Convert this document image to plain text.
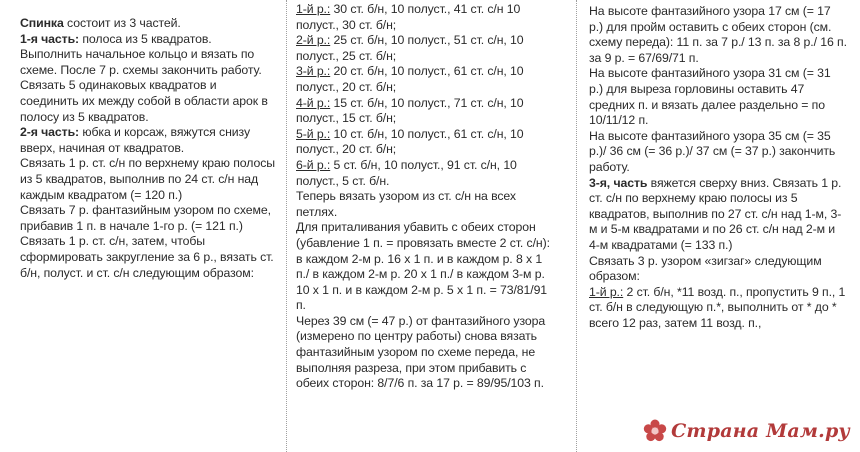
Спинка состоит из 3 частей.

1-я часть: полоса из 5 квадратов. Выполнить начальное кольцо и вязать по схеме. После 7 р. схемы закончить работу.

Связать 5 одинаковых квадратов и соединить их между собой в области арок в полосу из 5 квадратов.

2-я часть: юбка и корсаж, вяжутся снизу вверх, начиная от квадратов.

Связать 1 р. ст. с/н по верхнему краю полосы из 5 квадратов, выполнив по 24 ст. с/н над каждым квадратом (= 120 п.)

Связать 7 р. фантазийным узором по схеме, прибавив 1 п. в начале 1-го р. (= 121 п.)

Связать 1 р. ст. с/н, затем, чтобы сформировать закругление за 6 р., вязать ст. б/н, полуст. и ст. с/н следующим образом:

1-й р.: 30 ст. б/н, 10 полуст., 41 ст. с/н 10 полуст., 30 ст. б/н;

2-й р.: 25 ст. б/н, 10 полуст., 51 ст. с/н, 10 полуст., 25 ст. б/н;

3-й р.: 20 ст. б/н, 10 полуст., 61 ст. с/н, 10 полуст., 20 ст. б/н;

4-й р.: 15 ст. б/н, 10 полуст., 71 ст. с/н, 10 полуст., 15 ст. б/н;

5-й р.: 10 ст. б/н, 10 полуст., 61 ст. с/н, 10 полуст., 20 ст. б/н;

6-й р.: 5 ст. б/н, 10 полуст., 91 ст. с/н, 10 полуст., 5 ст. б/н.

Теперь вязать узором из ст. с/н на всех петлях.

Для приталивания убавить с обеих сторон (убавление 1 п. = провязать вместе 2 ст. с/н): в каждом 2-м р. 16 х 1 п. и в каждом р. 8 х 1 п./ в каждом 2-м р. 20 х 1 п./ в каждом 3-м р. 10 х 1 п. и в каждом 2-м р. 5 х 1 п. = 73/81/91 п.

Через 39 см (= 47 р.) от фантазийного узора (измерено по центру работы) снова вязать фантазийным узором по схеме переда, не выполняя разреза, при этом прибавить с обеих сторон: 8/7/6 п. за 17 р. = 89/95/103 п.

На высоте фантазийного узора 17 см (= 17 р.) для пройм оставить с обеих сторон (см. схему переда): 11 п. за 7 р./ 13 п. за 8 р./ 16 п. за 9 р. = 67/69/71 п.

На высоте фантазийного узора 31 см (= 31 р.) для выреза горловины оставить 47 средних п. и вязать далее раздельно = по 10/11/12 п.

На высоте фантазийного узора 35 см (= 35 р.)/ 36 см (= 36 р.)/ 37 см (= 37 р.) закончить работу.

3-я, часть вяжется сверху вниз. Связать 1 р. ст. с/н по верхнему краю полосы из 5 квадратов, выполнив по 27 ст. с/н над 1-м, 3-м и 5-м квадратами и по 26 ст. с/н над 2-м и 4-м квадратами (= 133 п.)

Связать 3 р. узором «зигзаг» следующим образом:

1-й р.: 2 ст. б/н, *11 возд. п., пропустить 9 п., 1 ст. б/н в следующую п.*, выполнить от * до * всего 12 раз, затем 11 возд. п.,

Страна Мам .ру
